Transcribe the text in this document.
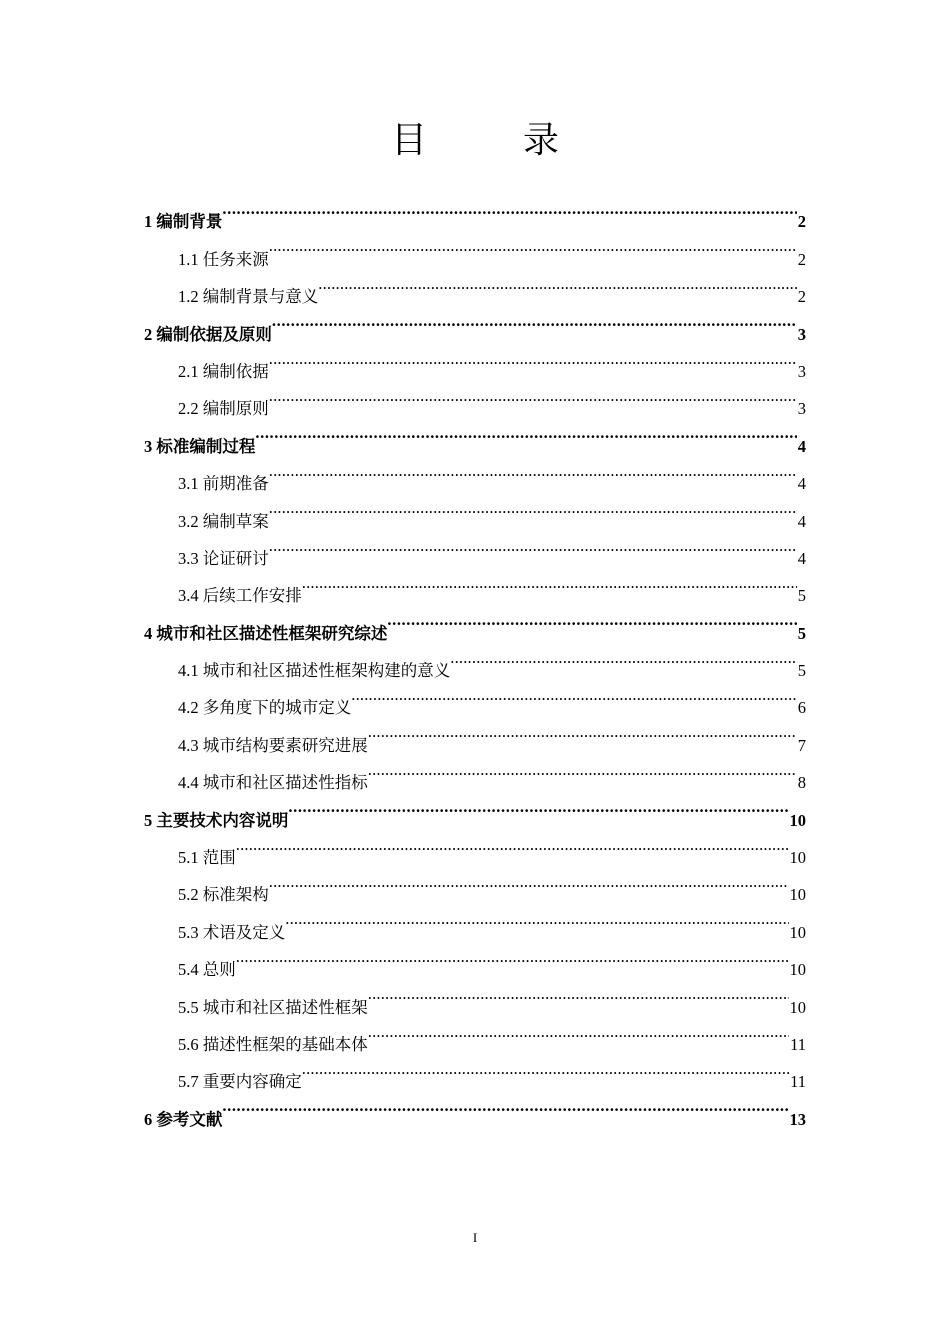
目　录
1 编制背景 .....	2
1.1 任务来源 .....	2
1.2 编制背景与意义 .....	2
2 编制依据及原则 .....	3
2.1 编制依据 .....	3
2.2 编制原则 .....	3
3 标准编制过程 .....	4
3.1 前期准备 .....	4
3.2 编制草案 .....	4
3.3 论证研讨 .....	4
3.4 后续工作安排 .....	5
4 城市和社区描述性框架研究综述 .....	5
4.1 城市和社区描述性框架构建的意义 .....	5
4.2 多角度下的城市定义 .....	6
4.3 城市结构要素研究进展 .....	7
4.4 城市和社区描述性指标 .....	8
5 主要技术内容说明 .....	10
5.1 范围 .....	10
5.2 标准架构 .....	10
5.3 术语及定义 .....	10
5.4 总则 .....	10
5.5 城市和社区描述性框架 .....	10
5.6 描述性框架的基础本体 .....	11
5.7 重要内容确定 .....	11
6 参考文献 .....	13
I
